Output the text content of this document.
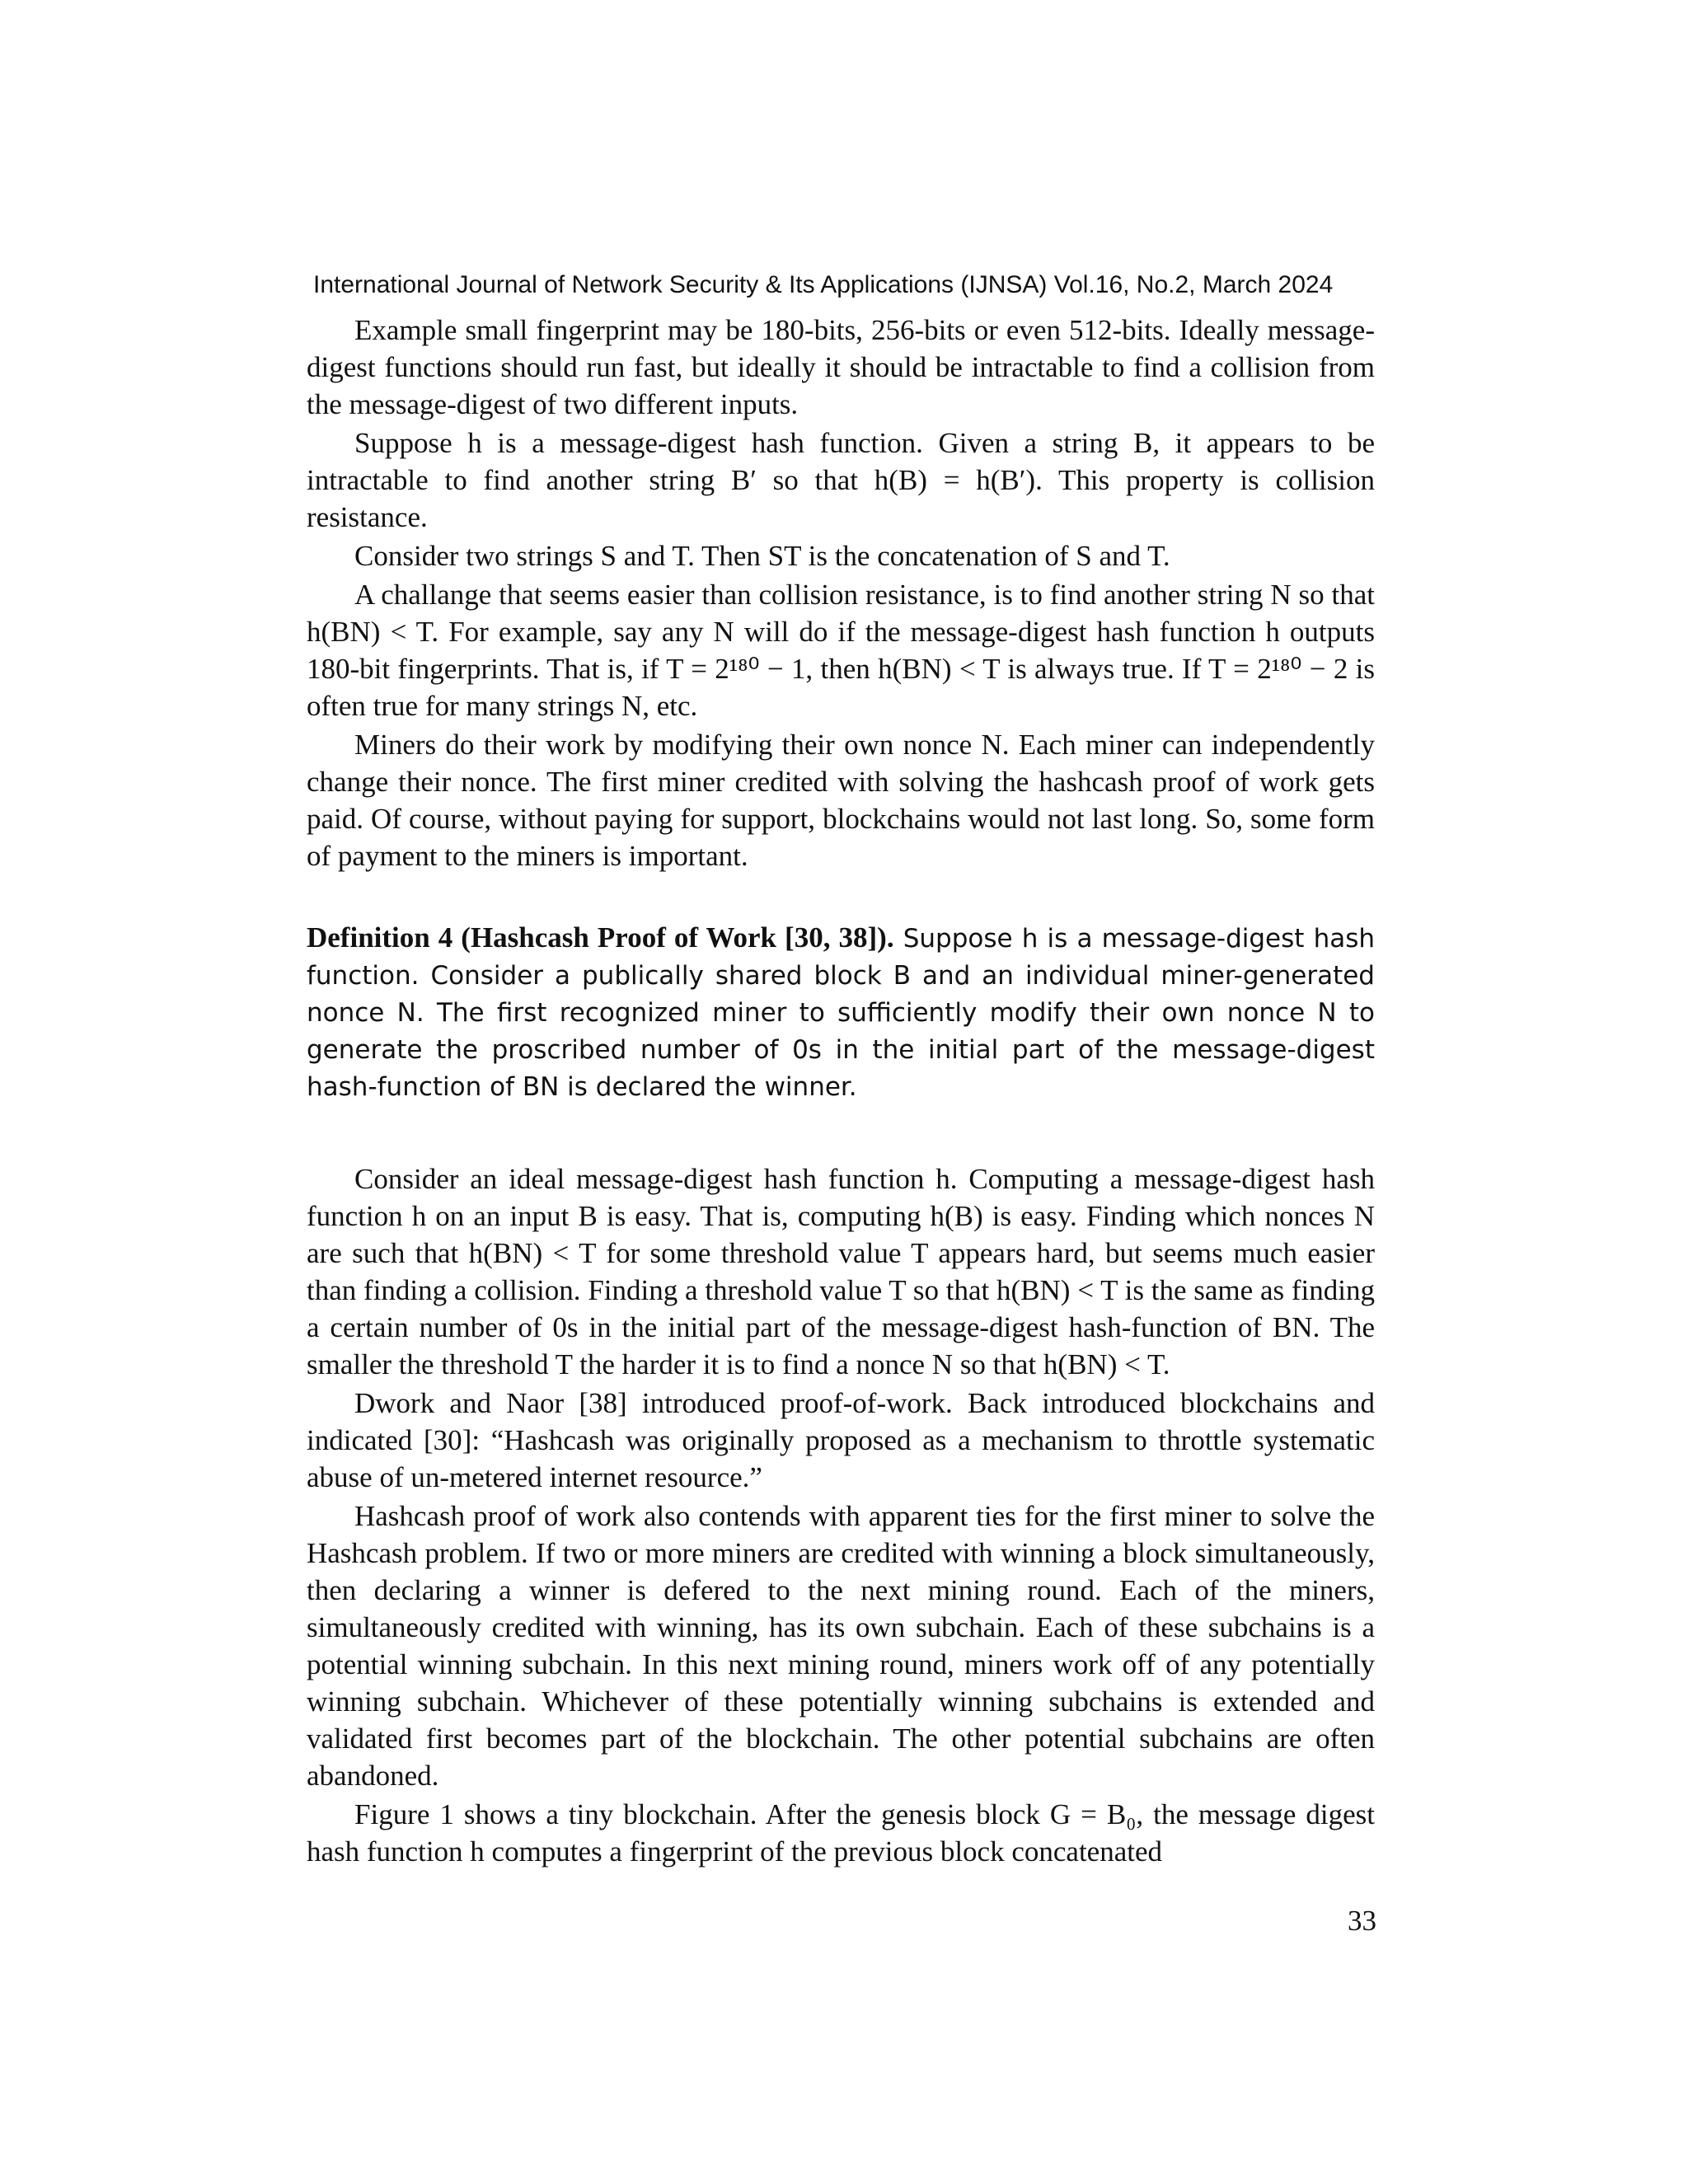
International Journal of Network Security & Its Applications (IJNSA) Vol.16, No.2, March 2024

Example small fingerprint may be 180-bits, 256-bits or even 512-bits. Ideally message-digest functions should run fast, but ideally it should be intractable to find a collision from the message-digest of two different inputs.

Suppose h is a message-digest hash function. Given a string B, it appears to be intractable to find another string B′ so that h(B) = h(B′). This property is collision resistance.

Consider two strings S and T. Then ST is the concatenation of S and T.

A challange that seems easier than collision resistance, is to find another string N so that h(BN) < T. For example, say any N will do if the message-digest hash function h outputs 180-bit fingerprints. That is, if T = 2¹⁸⁰ − 1, then h(BN) < T is always true. If T = 2¹⁸⁰ − 2 is often true for many strings N, etc.

Miners do their work by modifying their own nonce N. Each miner can independently change their nonce. The first miner credited with solving the hashcash proof of work gets paid. Of course, without paying for support, blockchains would not last long. So, some form of payment to the miners is important.

Definition 4 (Hashcash Proof of Work [30, 38]). Suppose h is a message-digest hash function. Consider a publically shared block B and an individual miner-generated nonce N. The first recognized miner to sufficiently modify their own nonce N to generate the proscribed number of 0s in the initial part of the message-digest hash-function of BN is declared the winner.

Consider an ideal message-digest hash function h. Computing a message-digest hash function h on an input B is easy. That is, computing h(B) is easy. Finding which nonces N are such that h(BN) < T for some threshold value T appears hard, but seems much easier than finding a collision. Finding a threshold value T so that h(BN) < T is the same as finding a certain number of 0s in the initial part of the message-digest hash-function of BN. The smaller the threshold T the harder it is to find a nonce N so that h(BN) < T.

Dwork and Naor [38] introduced proof-of-work. Back introduced blockchains and indicated [30]: “Hashcash was originally proposed as a mechanism to throttle systematic abuse of un-metered internet resource.”

Hashcash proof of work also contends with apparent ties for the first miner to solve the Hashcash problem. If two or more miners are credited with winning a block simultaneously, then declaring a winner is defered to the next mining round. Each of the miners, simultaneously credited with winning, has its own subchain. Each of these subchains is a potential winning subchain. In this next mining round, miners work off of any potentially winning subchain. Whichever of these potentially winning subchains is extended and validated first becomes part of the blockchain. The other potential subchains are often abandoned.

Figure 1 shows a tiny blockchain. After the genesis block G = B₀, the message digest hash function h computes a fingerprint of the previous block concatenated

33
